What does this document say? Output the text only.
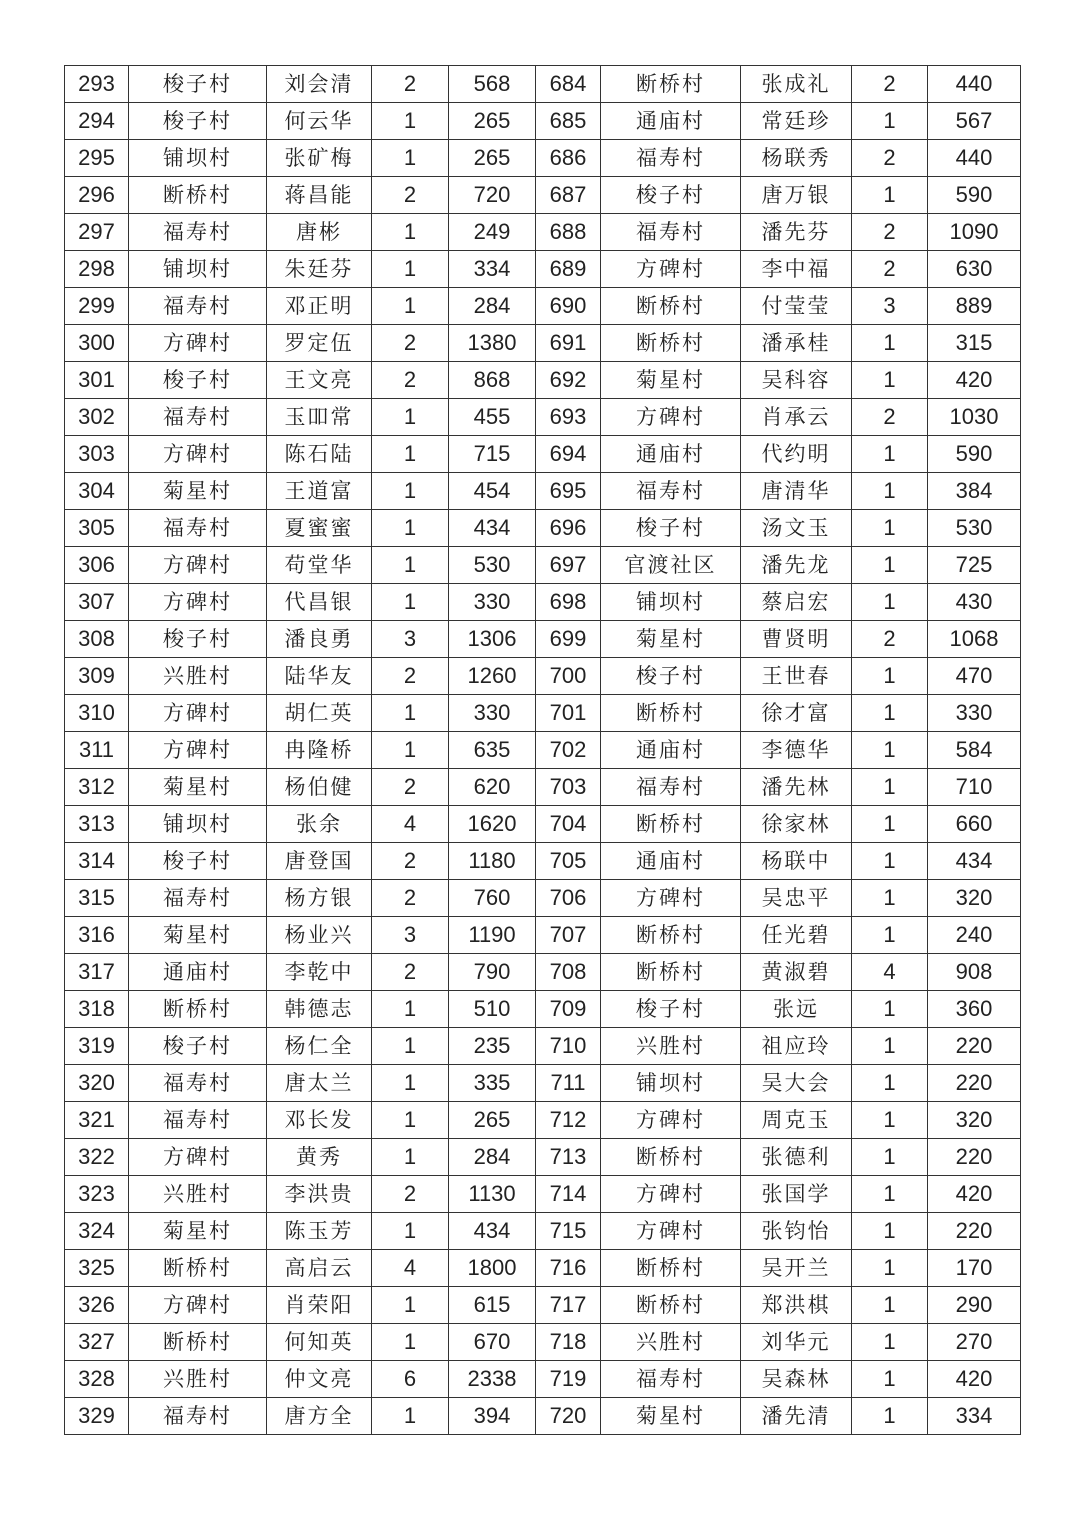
293	梭子村	刘会清	2	568	684	断桥村	张成礼	2	440
294	梭子村	何云华	1	265	685	通庙村	常廷珍	1	567
295	铺坝村	张矿梅	1	265	686	福寿村	杨联秀	2	440
296	断桥村	蒋昌能	2	720	687	梭子村	唐万银	1	590
297	福寿村	唐彬	1	249	688	福寿村	潘先芬	2	1090
298	铺坝村	朱廷芬	1	334	689	方碑村	李中福	2	630
299	福寿村	邓正明	1	284	690	断桥村	付莹莹	3	889
300	方碑村	罗定伍	2	1380	691	断桥村	潘承桂	1	315
301	梭子村	王文亮	2	868	692	菊星村	吴科容	1	420
302	福寿村	玉吅常	1	455	693	方碑村	肖承云	2	1030
303	方碑村	陈石陆	1	715	694	通庙村	代约明	1	590
304	菊星村	王道富	1	454	695	福寿村	唐清华	1	384
305	福寿村	夏蜜蜜	1	434	696	梭子村	汤文玉	1	530
306	方碑村	苟堂华	1	530	697	官渡社区	潘先龙	1	725
307	方碑村	代昌银	1	330	698	铺坝村	蔡启宏	1	430
308	梭子村	潘良勇	3	1306	699	菊星村	曹贤明	2	1068
309	兴胜村	陆华友	2	1260	700	梭子村	王世春	1	470
310	方碑村	胡仁英	1	330	701	断桥村	徐才富	1	330
311	方碑村	冉隆桥	1	635	702	通庙村	李德华	1	584
312	菊星村	杨伯健	2	620	703	福寿村	潘先林	1	710
313	铺坝村	张余	4	1620	704	断桥村	徐家林	1	660
314	梭子村	唐登国	2	1180	705	通庙村	杨联中	1	434
315	福寿村	杨方银	2	760	706	方碑村	吴忠平	1	320
316	菊星村	杨业兴	3	1190	707	断桥村	任光碧	1	240
317	通庙村	李乾中	2	790	708	断桥村	黄淑碧	4	908
318	断桥村	韩德志	1	510	709	梭子村	张远	1	360
319	梭子村	杨仁全	1	235	710	兴胜村	祖应玲	1	220
320	福寿村	唐太兰	1	335	711	铺坝村	吴大会	1	220
321	福寿村	邓长发	1	265	712	方碑村	周克玉	1	320
322	方碑村	黄秀	1	284	713	断桥村	张德利	1	220
323	兴胜村	李洪贵	2	1130	714	方碑村	张国学	1	420
324	菊星村	陈玉芳	1	434	715	方碑村	张钧怡	1	220
325	断桥村	高启云	4	1800	716	断桥村	吴开兰	1	170
326	方碑村	肖荣阳	1	615	717	断桥村	郑洪棋	1	290
327	断桥村	何知英	1	670	718	兴胜村	刘华元	1	270
328	兴胜村	仲文亮	6	2338	719	福寿村	吴森林	1	420
329	福寿村	唐方全	1	394	720	菊星村	潘先清	1	334
